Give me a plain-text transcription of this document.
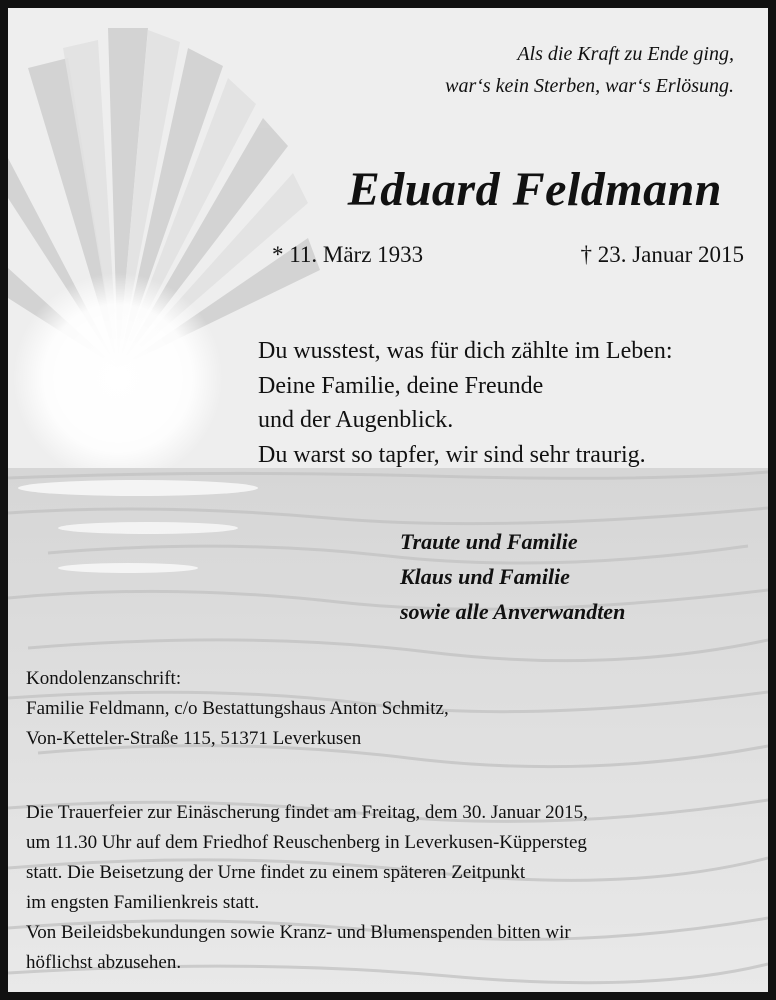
Als die Kraft zu Ende ging,
war‘s kein Sterben, war‘s Erlösung.

Eduard Feldmann
* 11. März 1933	† 23. Januar 2015
Du wusstest, was für dich zählte im Leben:
Deine Familie, deine Freunde
und der Augenblick.
Du warst so tapfer, wir sind sehr traurig.
Traute und Familie
Klaus und Familie
sowie alle Anverwandten
Kondolenzanschrift:
Familie Feldmann, c/o Bestattungshaus Anton Schmitz,
Von-Ketteler-Straße 115, 51371 Leverkusen
Die Trauerfeier zur Einäscherung findet am Freitag, dem 30. Januar 2015,
um 11.30 Uhr auf dem Friedhof Reuschenberg in Leverkusen-Küppersteg
statt. Die Beisetzung der Urne findet zu einem späteren Zeitpunkt
im engsten Familienkreis statt.
Von Beileidsbekundungen sowie Kranz- und Blumenspenden bitten wir
höflichst abzusehen.
